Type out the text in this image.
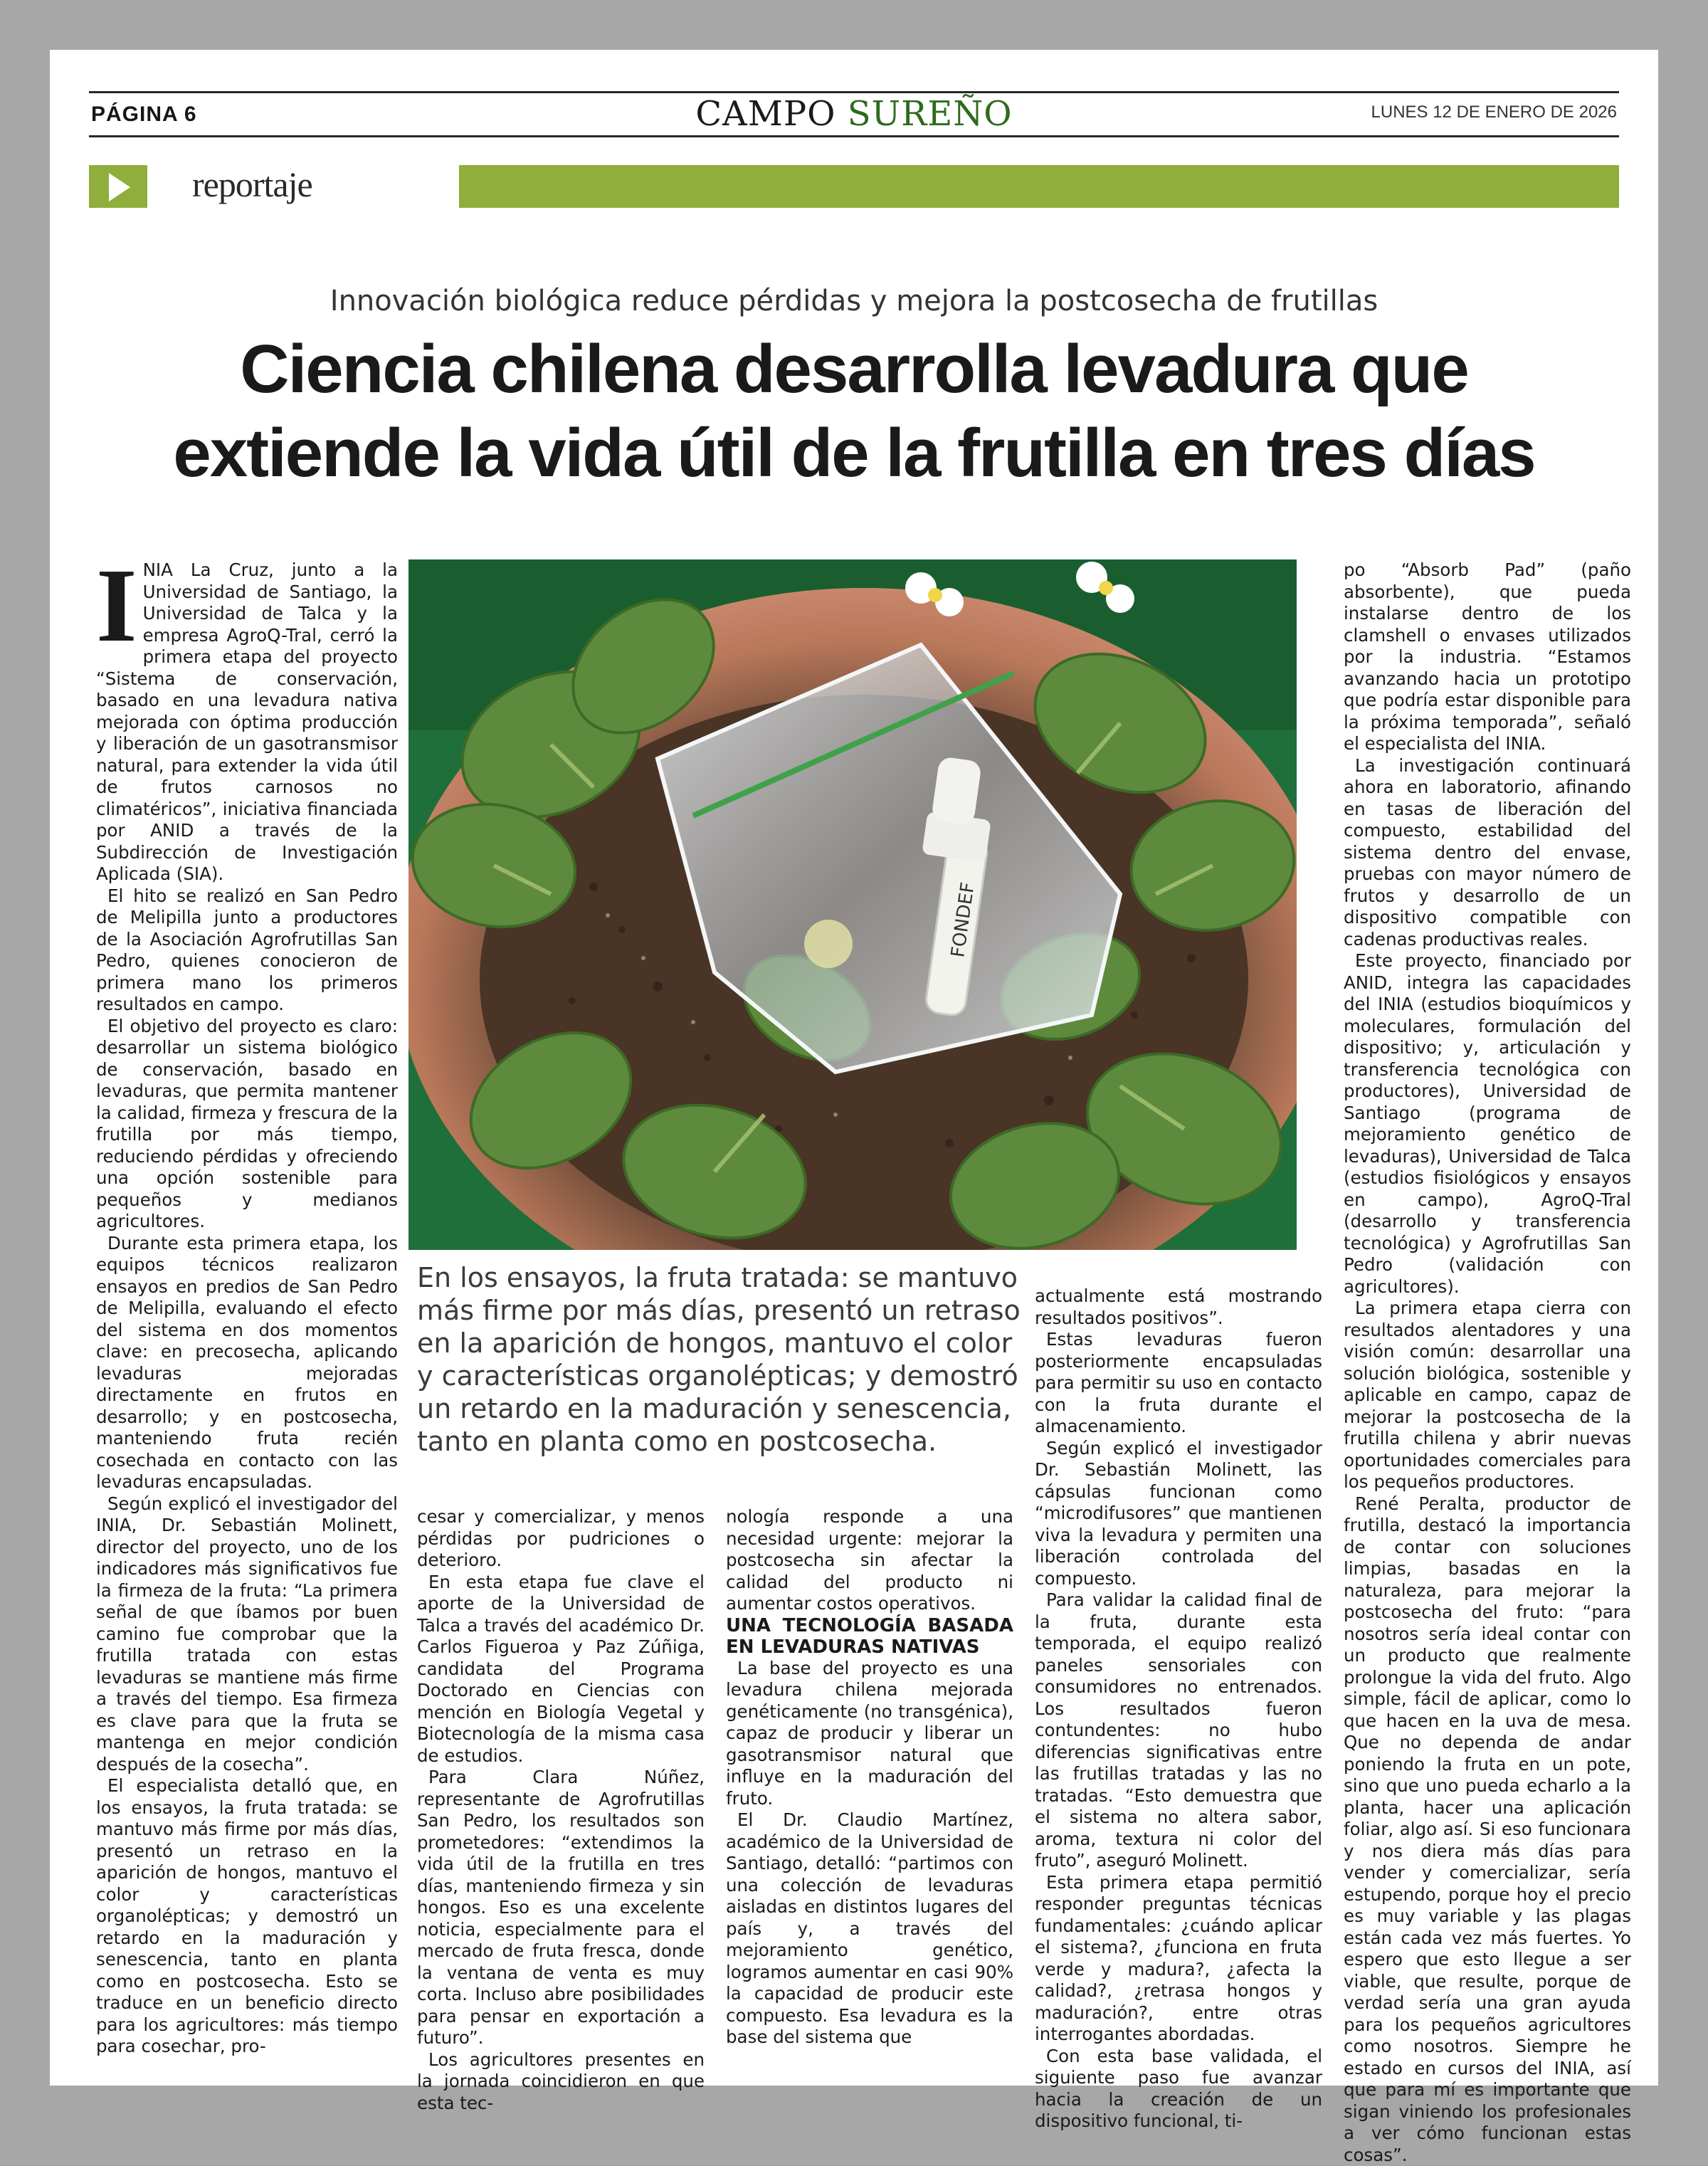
PÁGINA 6	CAMPO SUREÑO	LUNES 12 DE ENERO DE 2026
reportaje
Innovación biológica reduce pérdidas y mejora la postcosecha de frutillas
Ciencia chilena desarrolla levadura que extiende la vida útil de la frutilla en tres días

INIA La Cruz, junto a la Universidad de Santiago, la Universidad de Talca y la empresa AgroQ-Tral, cerró la primera etapa del proyecto “Sistema de conservación, basado en una levadura nativa mejorada con óptima producción y liberación de un gasotransmisor natural, para extender la vida útil de frutos carnosos no climatéricos”, iniciativa financiada por ANID a través de la Subdirección de Investigación Aplicada (SIA).

El hito se realizó en San Pedro de Melipilla junto a productores de la Asociación Agrofrutillas San Pedro, quienes conocieron de primera mano los primeros resultados en campo.

El objetivo del proyecto es claro: desarrollar un sistema biológico de conservación, basado en levaduras, que permita mantener la calidad, firmeza y frescura de la frutilla por más tiempo, reduciendo pérdidas y ofreciendo una opción sostenible para pequeños y medianos agricultores.

Durante esta primera etapa, los equipos técnicos realizaron ensayos en predios de San Pedro de Melipilla, evaluando el efecto del sistema en dos momentos clave: en precosecha, aplicando levaduras mejoradas directamente en frutos en desarrollo; y en postcosecha, manteniendo fruta recién cosechada en contacto con las levaduras encapsuladas.

Según explicó el investigador del INIA, Dr. Sebastián Molinett, director del proyecto, uno de los indicadores más significativos fue la firmeza de la fruta: “La primera señal de que íbamos por buen camino fue comprobar que la frutilla tratada con estas levaduras se mantiene más firme a través del tiempo. Esa firmeza es clave para que la fruta se mantenga en mejor condición después de la cosecha”.

El especialista detalló que, en los ensayos, la fruta tratada: se mantuvo más firme por más días, presentó un retraso en la aparición de hongos, mantuvo el color y características organolépticas; y demostró un retardo en la maduración y senescencia, tanto en planta como en postcosecha. Esto se traduce en un beneficio directo para los agricultores: más tiempo para cosechar, pro-

FONDEF
En los ensayos, la fruta tratada: se mantuvo más firme por más días, presentó un retraso en la aparición de hongos, mantuvo el color y características organolépticas; y demostró un retardo en la maduración y senescencia, tanto en planta como en postcosecha.

cesar y comercializar, y menos pérdidas por pudriciones o deterioro.

En esta etapa fue clave el aporte de la Universidad de Talca a través del académico Dr. Carlos Figueroa y Paz Zúñiga, candidata del Programa Doctorado en Ciencias con mención en Biología Vegetal y Biotecnología de la misma casa de estudios.

Para Clara Núñez, representante de Agrofrutillas San Pedro, los resultados son prometedores: “extendimos la vida útil de la frutilla en tres días, manteniendo firmeza y sin hongos. Eso es una excelente noticia, especialmente para el mercado de fruta fresca, donde la ventana de venta es muy corta. Incluso abre posibilidades para pensar en exportación a futuro”.

Los agricultores presentes en la jornada coincidieron en que esta tec-

nología responde a una necesidad urgente: mejorar la postcosecha sin afectar la calidad del producto ni aumentar costos operativos.

UNA TECNOLOGÍA BASADA EN LEVADURAS NATIVAS

La base del proyecto es una levadura chilena mejorada genéticamente (no transgénica), capaz de producir y liberar un gasotransmisor natural que influye en la maduración del fruto.

El Dr. Claudio Martínez, académico de la Universidad de Santiago, detalló: “partimos con una colección de levaduras aisladas en distintos lugares del país y, a través del mejoramiento genético, logramos aumentar en casi 90% la capacidad de producir este compuesto. Esa levadura es la base del sistema que

actualmente está mostrando resultados positivos”.

Estas levaduras fueron posteriormente encapsuladas para permitir su uso en contacto con la fruta durante el almacenamiento.

Según explicó el investigador Dr. Sebastián Molinett, las cápsulas funcionan como “microdifusores” que mantienen viva la levadura y permiten una liberación controlada del compuesto.

Para validar la calidad final de la fruta, durante esta temporada, el equipo realizó paneles sensoriales con consumidores no entrenados. Los resultados fueron contundentes: no hubo diferencias significativas entre las frutillas tratadas y las no tratadas. “Esto demuestra que el sistema no altera sabor, aroma, textura ni color del fruto”, aseguró Molinett.

Esta primera etapa permitió responder preguntas técnicas fundamentales: ¿cuándo aplicar el sistema?, ¿funciona en fruta verde y madura?, ¿afecta la calidad?, ¿retrasa hongos y maduración?, entre otras interrogantes abordadas.

Con esta base validada, el siguiente paso fue avanzar hacia la creación de un dispositivo funcional, ti-

po “Absorb Pad” (paño absorbente), que pueda instalarse dentro de los clamshell o envases utilizados por la industria. “Estamos avanzando hacia un prototipo que podría estar disponible para la próxima temporada”, señaló el especialista del INIA.

La investigación continuará ahora en laboratorio, afinando en tasas de liberación del compuesto, estabilidad del sistema dentro del envase, pruebas con mayor número de frutos y desarrollo de un dispositivo compatible con cadenas productivas reales.

Este proyecto, financiado por ANID, integra las capacidades del INIA (estudios bioquímicos y moleculares, formulación del dispositivo; y, articulación y transferencia tecnológica con productores), Universidad de Santiago (programa de mejoramiento genético de levaduras), Universidad de Talca (estudios fisiológicos y ensayos en campo), AgroQ-Tral (desarrollo y transferencia tecnológica) y Agrofrutillas San Pedro (validación con agricultores).

La primera etapa cierra con resultados alentadores y una visión común: desarrollar una solución biológica, sostenible y aplicable en campo, capaz de mejorar la postcosecha de la frutilla chilena y abrir nuevas oportunidades comerciales para los pequeños productores.

René Peralta, productor de frutilla, destacó la importancia de contar con soluciones limpias, basadas en la naturaleza, para mejorar la postcosecha del fruto: “para nosotros sería ideal contar con un producto que realmente prolongue la vida del fruto. Algo simple, fácil de aplicar, como lo que hacen en la uva de mesa. Que no dependa de andar poniendo la fruta en un pote, sino que uno pueda echarlo a la planta, hacer una aplicación foliar, algo así. Si eso funcionara y nos diera más días para vender y comercializar, sería estupendo, porque hoy el precio es muy variable y las plagas están cada vez más fuertes. Yo espero que esto llegue a ser viable, que resulte, porque de verdad sería una gran ayuda para los pequeños agricultores como nosotros. Siempre he estado en cursos del INIA, así que para mí es importante que sigan viniendo los profesionales a ver cómo funcionan estas cosas”.
